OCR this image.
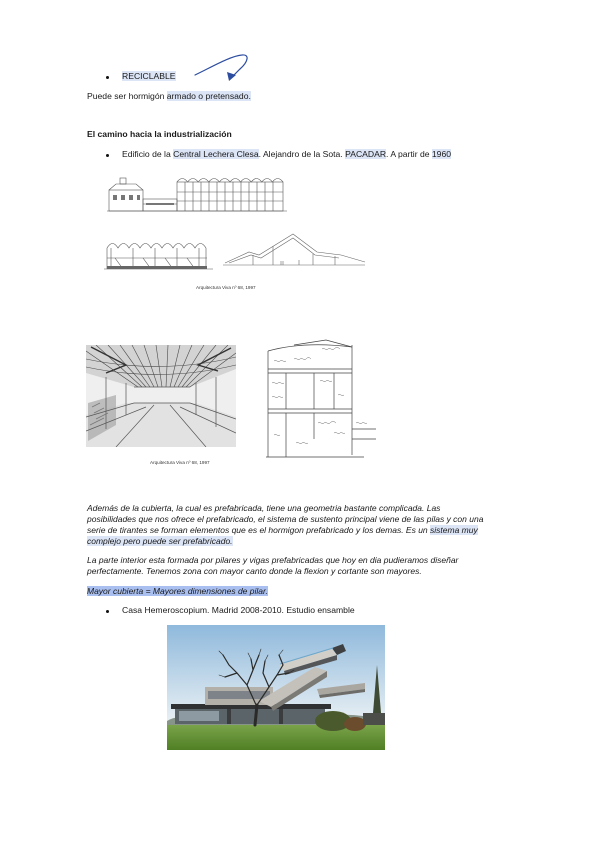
RECICLABLE
Puede ser hormigón armado o pretensado.
El camino hacia la industrialización
Edificio de la Central Lechera Clesa. Alejandro de la Sota. PACADAR. A partir de 1960
Arquitectura Viva nº 68, 1997
Arquitectura Viva nº 68, 1997
Además de la cubierta, la cual es prefabricada, tiene una geometria bastante complicada. Las
posibilidades que nos ofrece el prefabricado, el sistema de sustento principal viene de las pilas y con una
serie de tirantes se forman elementos que es el hormigon prefabricado y los demas. Es un sistema muy
complejo pero puede ser prefabricado.
La parte interior esta formada por pilares y vigas prefabricadas que hoy en dia pudieramos diseñar
perfectamente. Tenemos zona con mayor canto donde la flexion y cortante son mayores.
Mayor cubierta = Mayores dimensiones de pilar.
Casa Hemeroscopium. Madrid 2008-2010. Estudio ensamble
